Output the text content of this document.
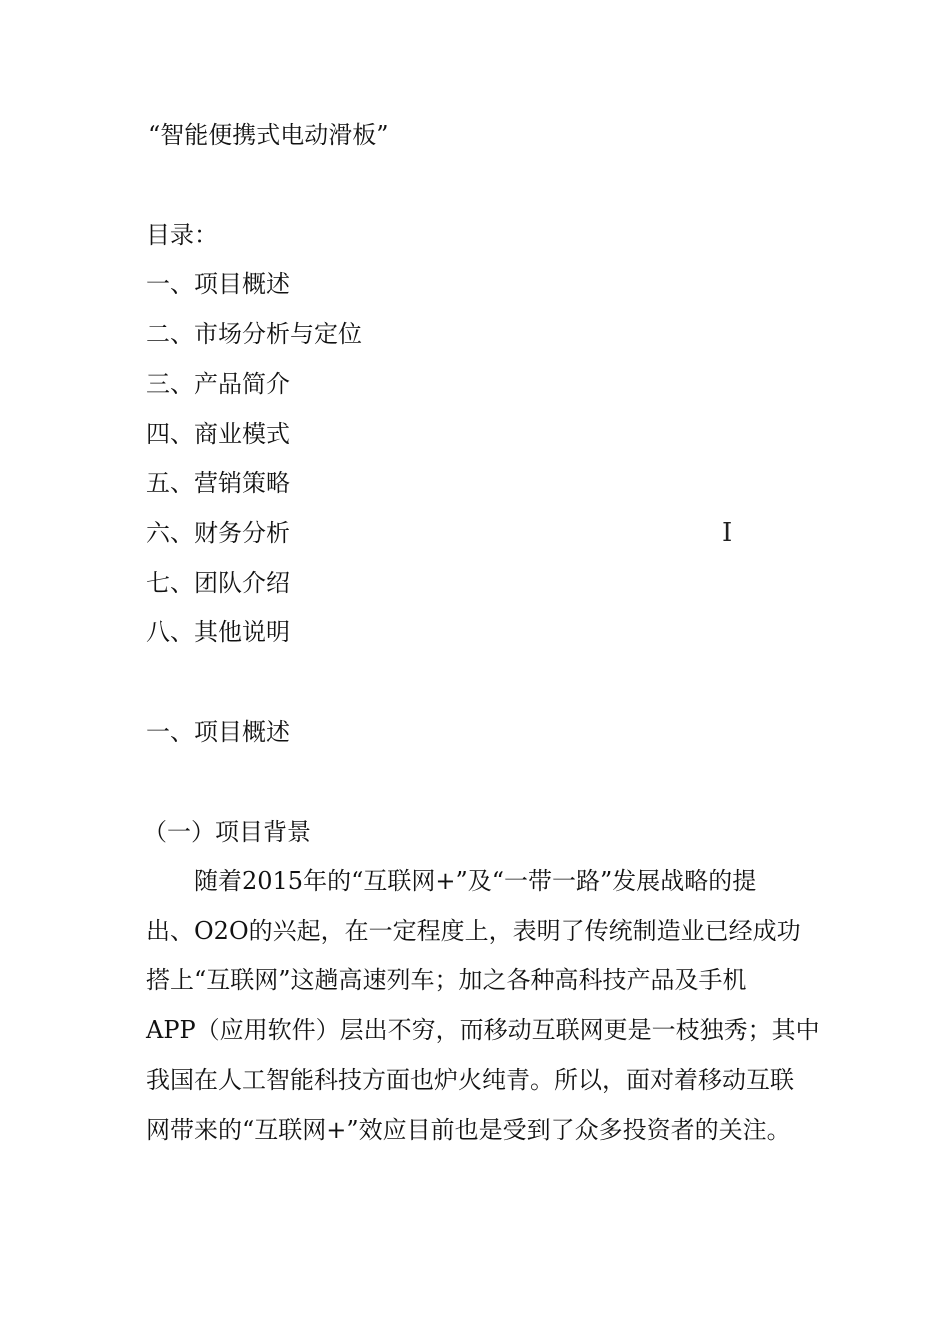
“智能便携式电动滑板”
目录：
一、项目概述
二、市场分析与定位
三、产品简介
四、商业模式
五、营销策略
六、财务分析
七、团队介绍
八、其他说明
I
一、项目概述
（一）项目背景
　　随着2015年的“互联网+”及“一带一路”发展战略的提
出、O2O的兴起，在一定程度上，表明了传统制造业已经成功
搭上“互联网”这趟高速列车；加之各种高科技产品及手机
APP（应用软件）层出不穷，而移动互联网更是一枝独秀；其中
我国在人工智能科技方面也炉火纯青。所以，面对着移动互联
网带来的“互联网+”效应目前也是受到了众多投资者的关注。
